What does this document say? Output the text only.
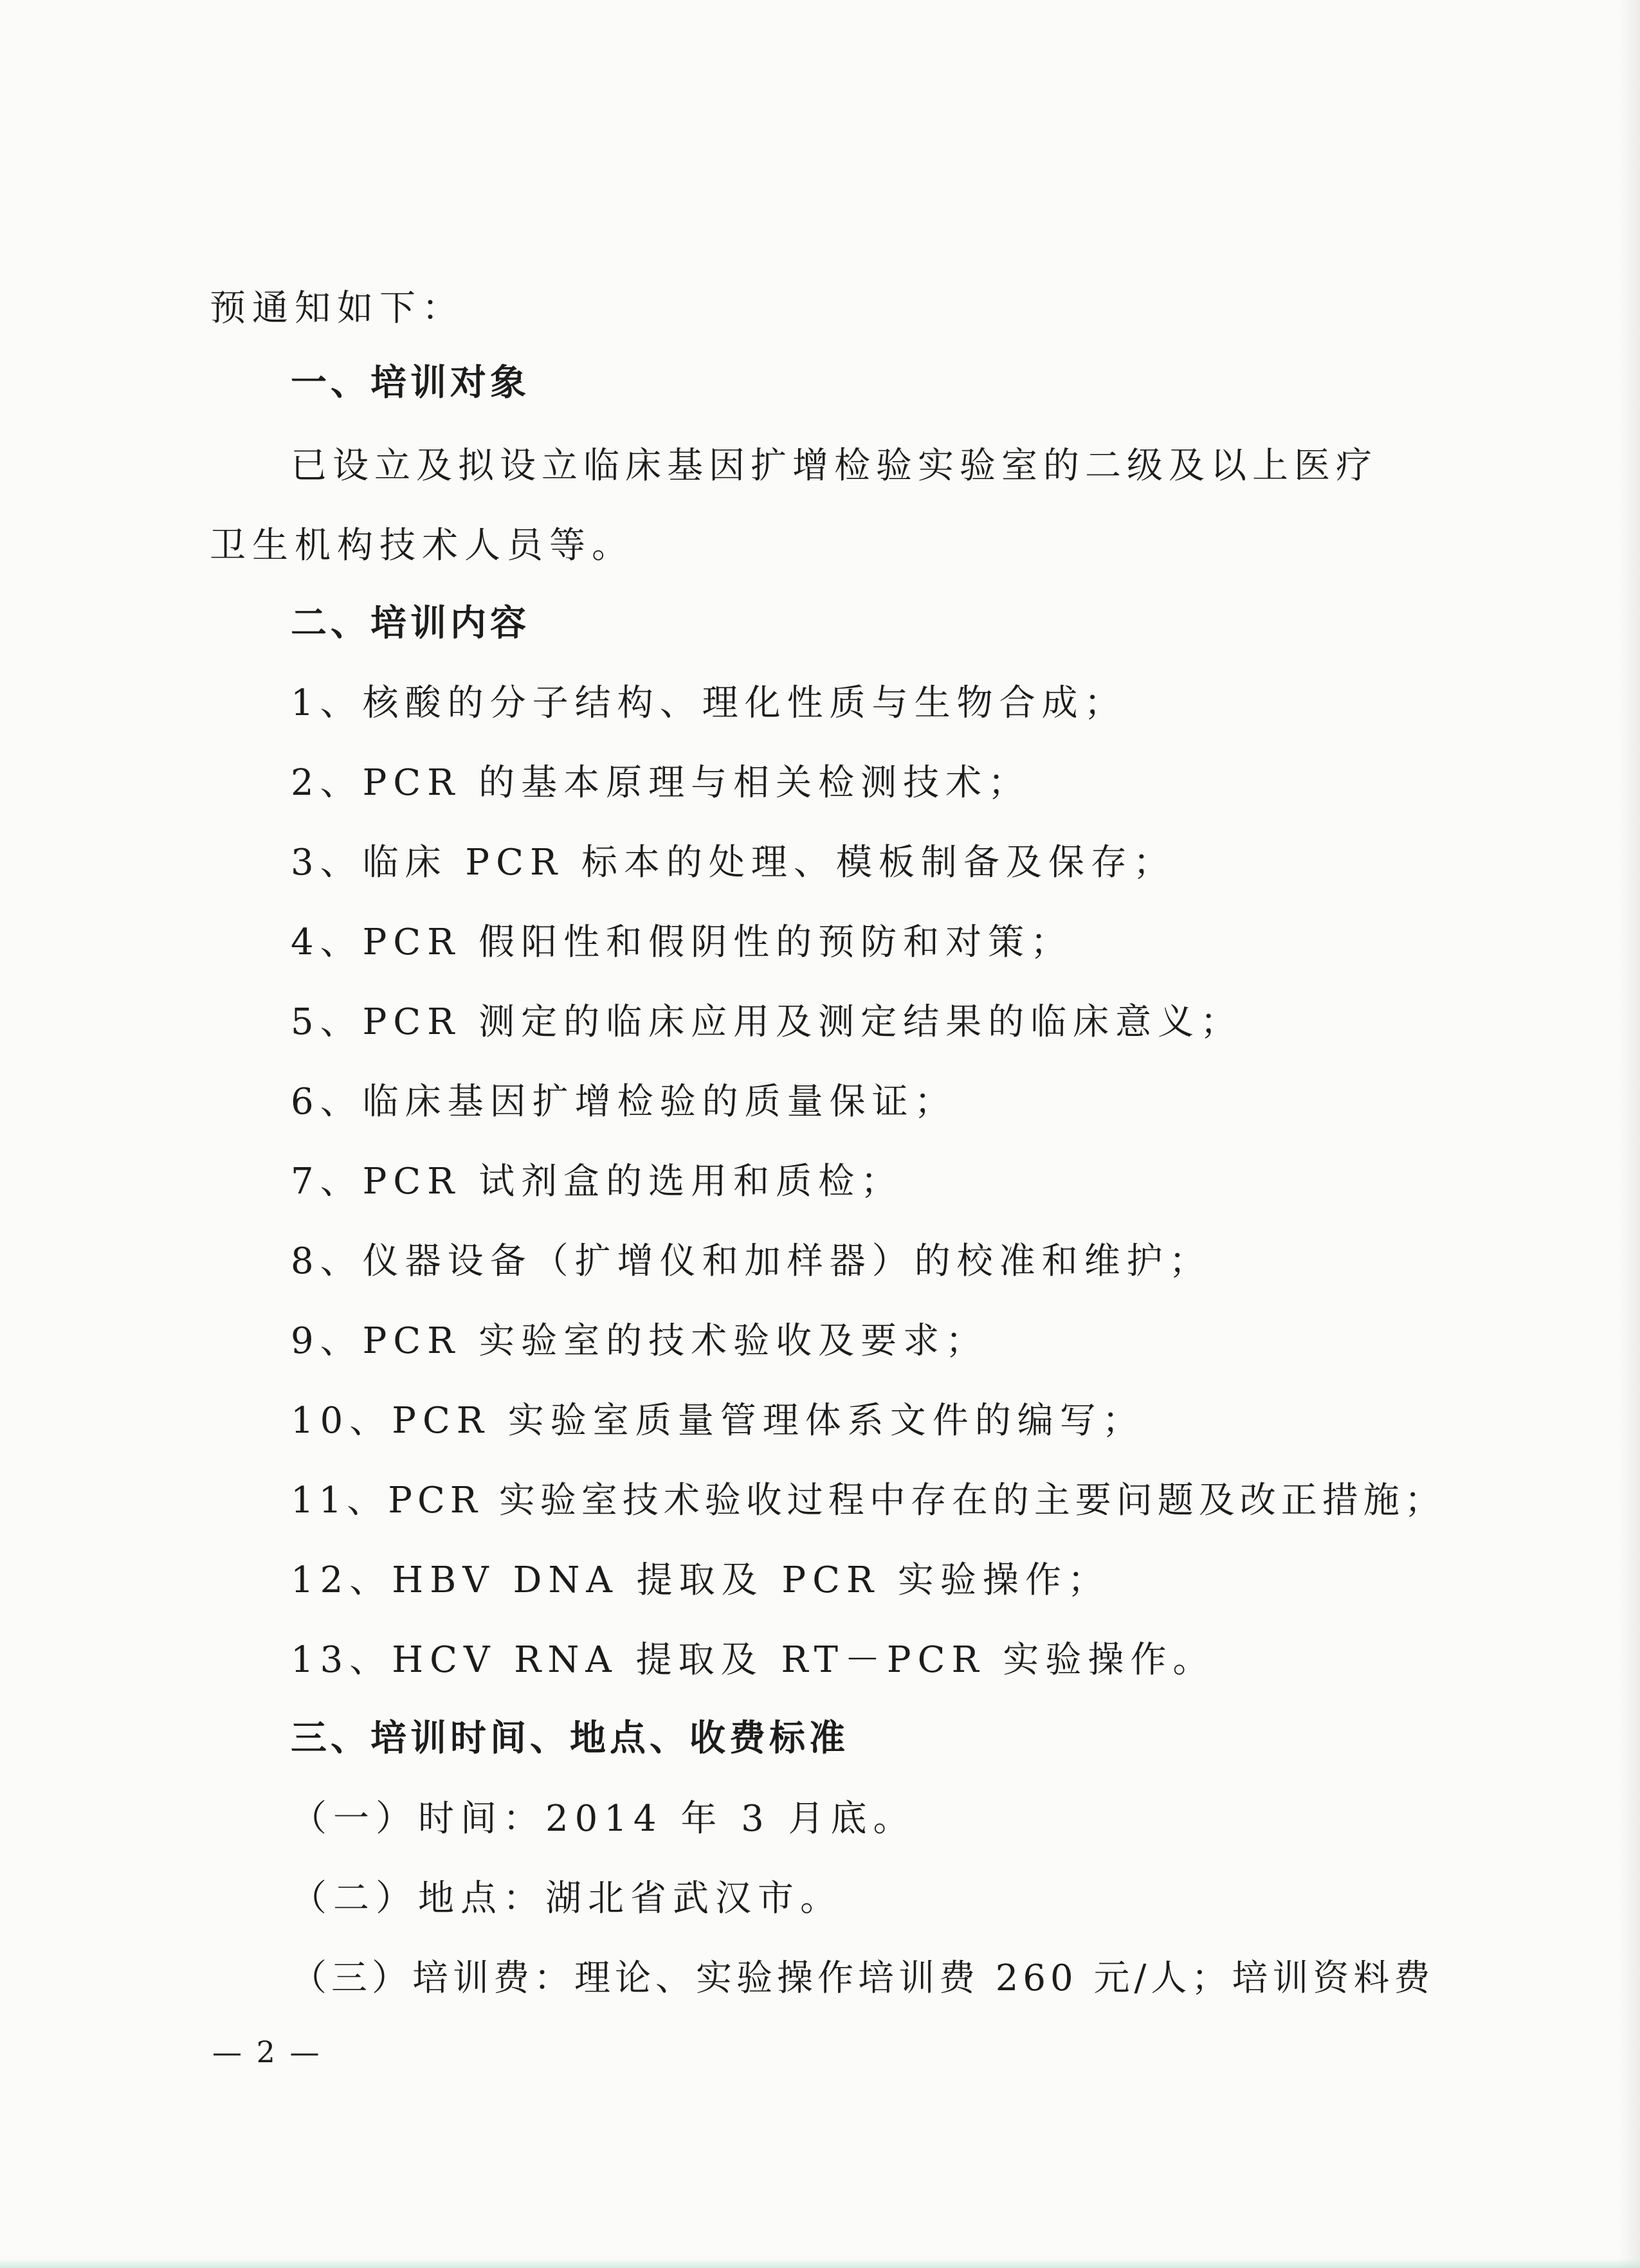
预通知如下：
一、培训对象
已设立及拟设立临床基因扩增检验实验室的二级及以上医疗
卫生机构技术人员等。
二、培训内容
1、核酸的分子结构、理化性质与生物合成；
2、PCR 的基本原理与相关检测技术；
3、临床 PCR 标本的处理、模板制备及保存；
4、PCR 假阳性和假阴性的预防和对策；
5、PCR 测定的临床应用及测定结果的临床意义；
6、临床基因扩增检验的质量保证；
7、PCR 试剂盒的选用和质检；
8、仪器设备（扩增仪和加样器）的校准和维护；
9、PCR 实验室的技术验收及要求；
10、PCR 实验室质量管理体系文件的编写；
11、PCR 实验室技术验收过程中存在的主要问题及改正措施；
12、HBV DNA 提取及 PCR 实验操作；
13、HCV RNA 提取及 RT－PCR 实验操作。
三、培训时间、地点、收费标准
（一）时间：2014 年 3 月底。
（二）地点：湖北省武汉市。
（三）培训费：理论、实验操作培训费 260 元/人；培训资料费
— 2 —
